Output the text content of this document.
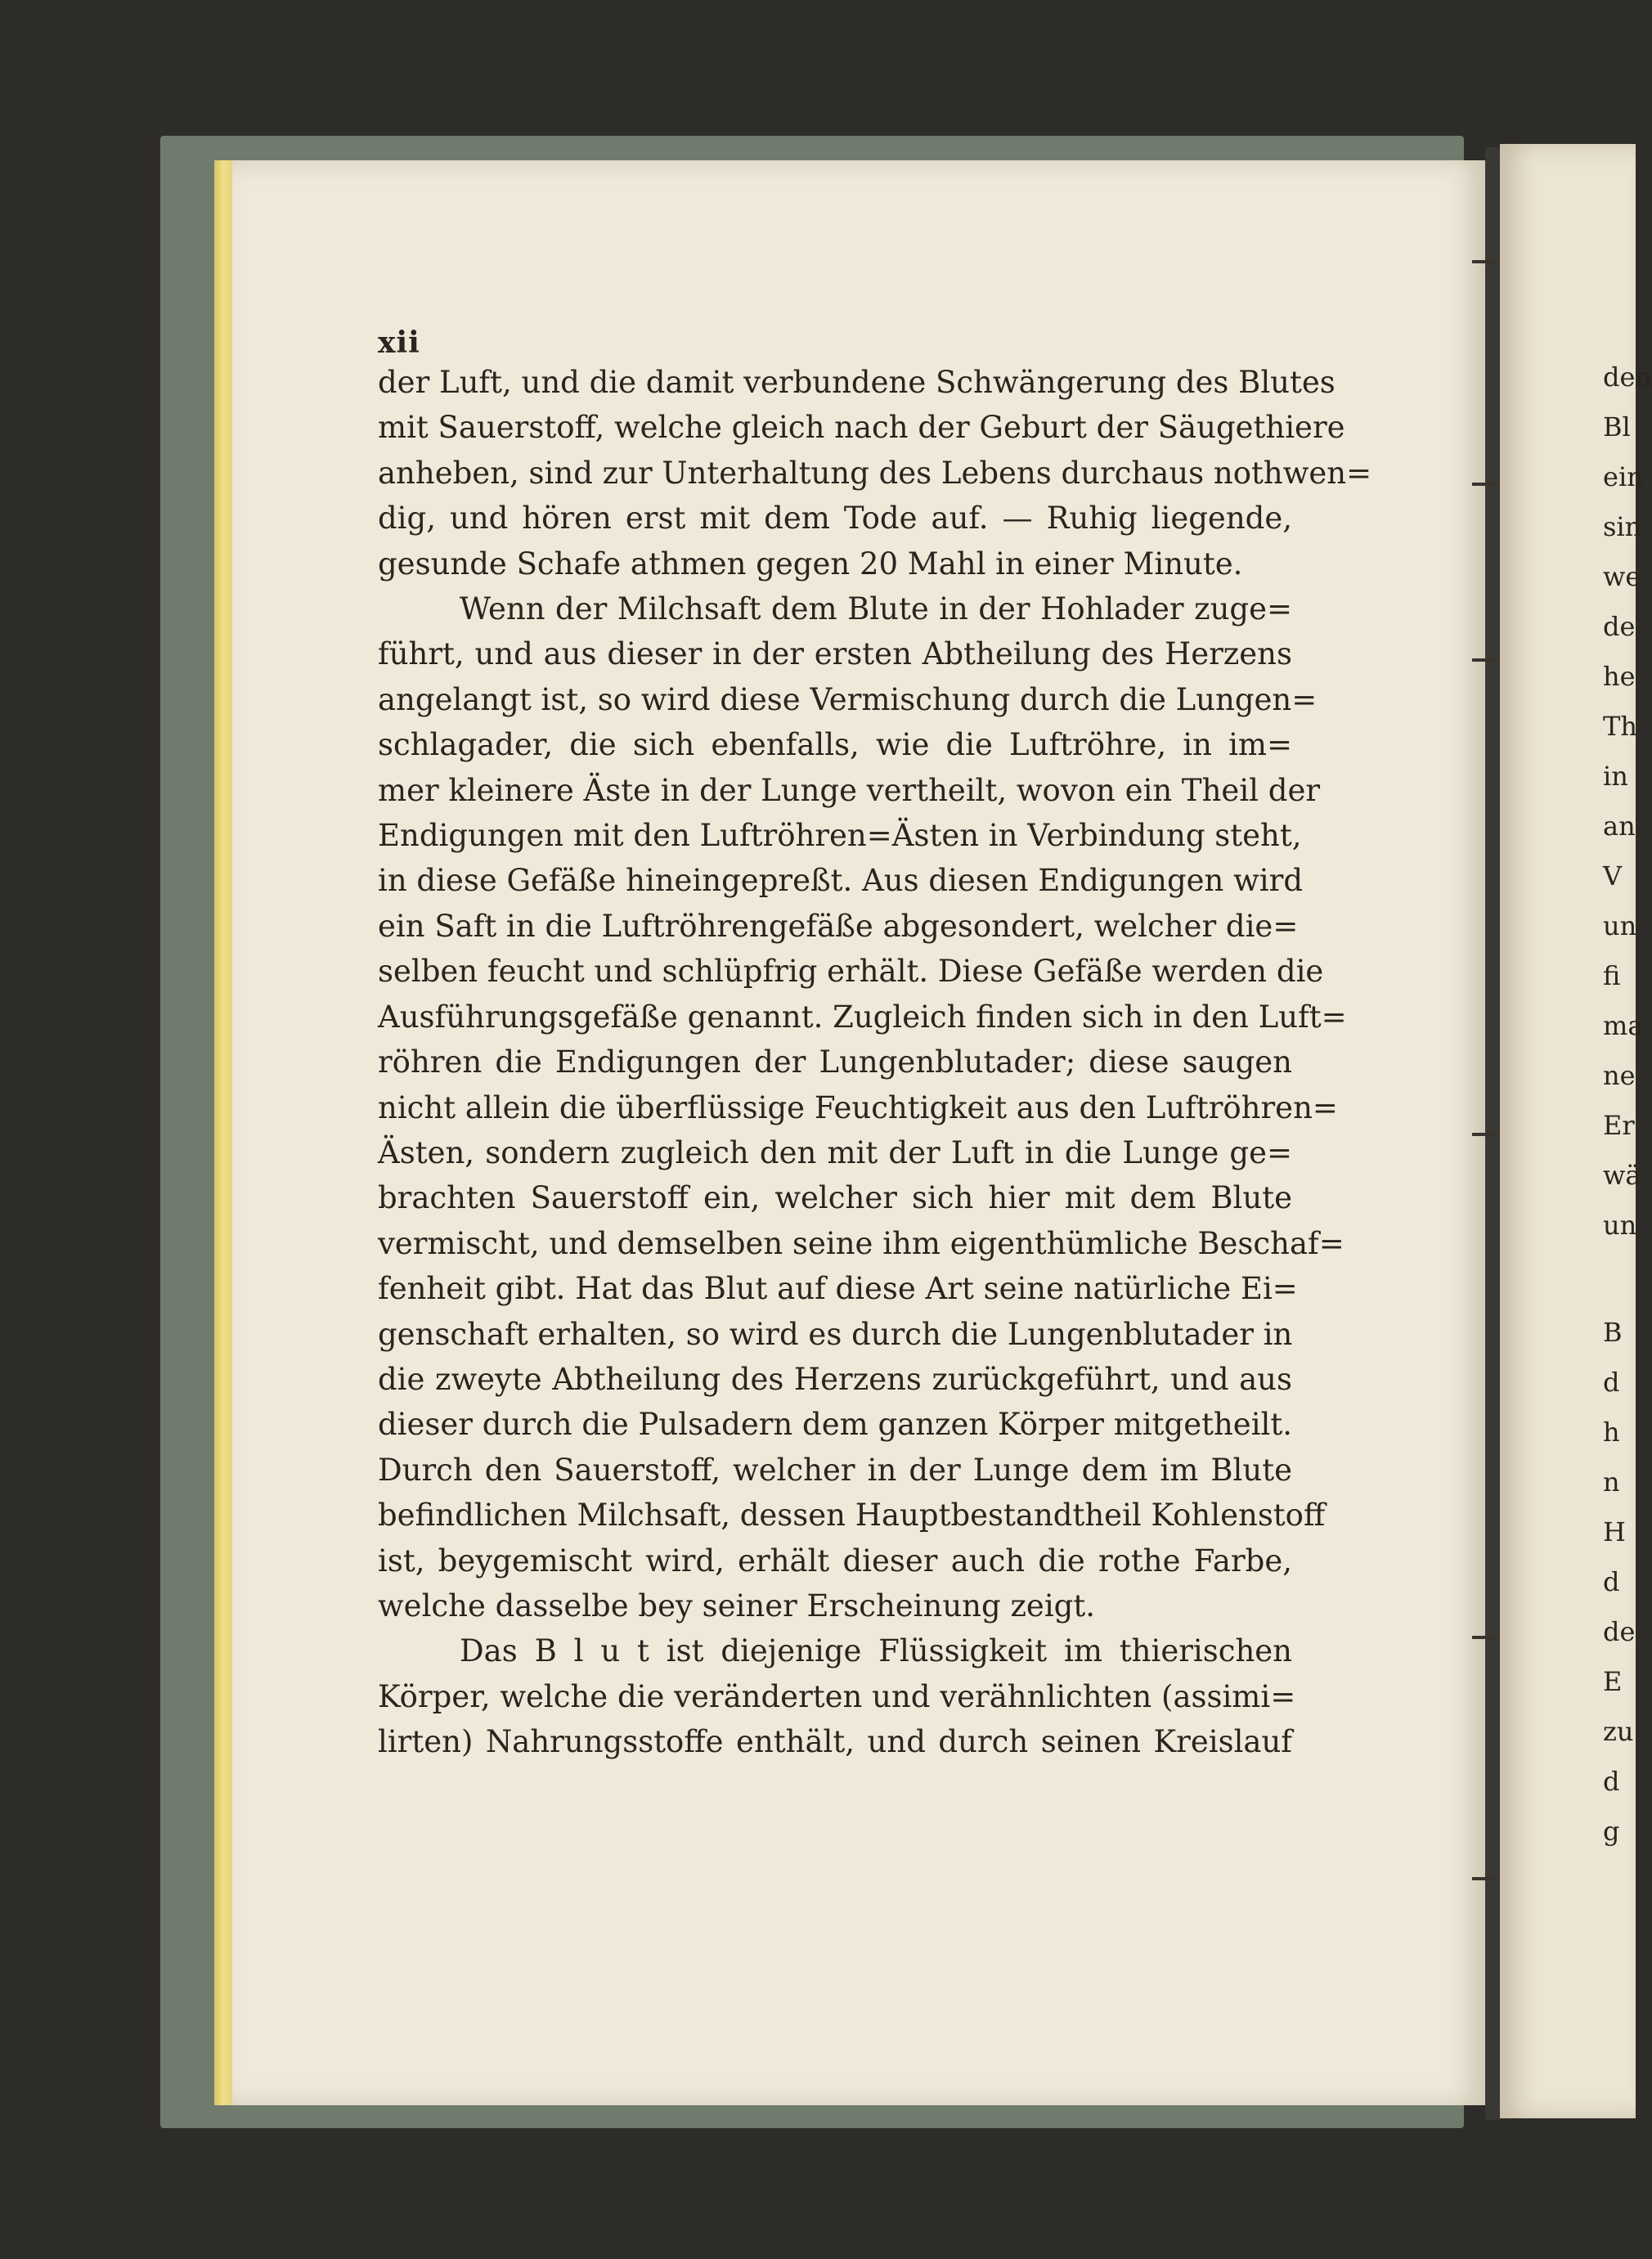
xii
der Luft, und die damit verbundene Schwängerung des Blutes
mit Sauerstoff, welche gleich nach der Geburt der Säugethiere
anheben, sind zur Unterhaltung des Lebens durchaus nothwen=
dig, und hören erst mit dem Tode auf. — Ruhig liegende,
gesunde Schafe athmen gegen 20 Mahl in einer Minute.
Wenn der Milchsaft dem Blute in der Hohlader zuge=
führt, und aus dieser in der ersten Abtheilung des Herzens
angelangt ist, so wird diese Vermischung durch die Lungen=
schlagader, die sich ebenfalls, wie die Luftröhre, in im=
mer kleinere Äste in der Lunge vertheilt, wovon ein Theil der
Endigungen mit den Luftröhren=Ästen in Verbindung steht,
in diese Gefäße hineingepreßt. Aus diesen Endigungen wird
ein Saft in die Luftröhrengefäße abgesondert, welcher die=
selben feucht und schlüpfrig erhält. Diese Gefäße werden die
Ausführungsgefäße genannt. Zugleich finden sich in den Luft=
röhren die Endigungen der Lungenblutader; diese saugen
nicht allein die überflüssige Feuchtigkeit aus den Luftröhren=
Ästen, sondern zugleich den mit der Luft in die Lunge ge=
brachten Sauerstoff ein, welcher sich hier mit dem Blute
vermischt, und demselben seine ihm eigenthümliche Beschaf=
fenheit gibt. Hat das Blut auf diese Art seine natürliche Ei=
genschaft erhalten, so wird es durch die Lungenblutader in
die zweyte Abtheilung des Herzens zurückgeführt, und aus
dieser durch die Pulsadern dem ganzen Körper mitgetheilt.
Durch den Sauerstoff, welcher in der Lunge dem im Blute
befindlichen Milchsaft, dessen Hauptbestandtheil Kohlenstoff
ist, beygemischt wird, erhält dieser auch die rothe Farbe,
welche dasselbe bey seiner Erscheinung zeigt.
Das B l u t ist diejenige Flüssigkeit im thierischen
Körper, welche die veränderten und verähnlichten (assimi=
lirten) Nahrungsstoffe enthält, und durch seinen Kreislauf
den
Bl
ein
sin
we
de
he
Th
in
an
V
un
fi
ma
ne
Er
wä
un
B
d
h
n
H
d
de
E
zu
d
g
